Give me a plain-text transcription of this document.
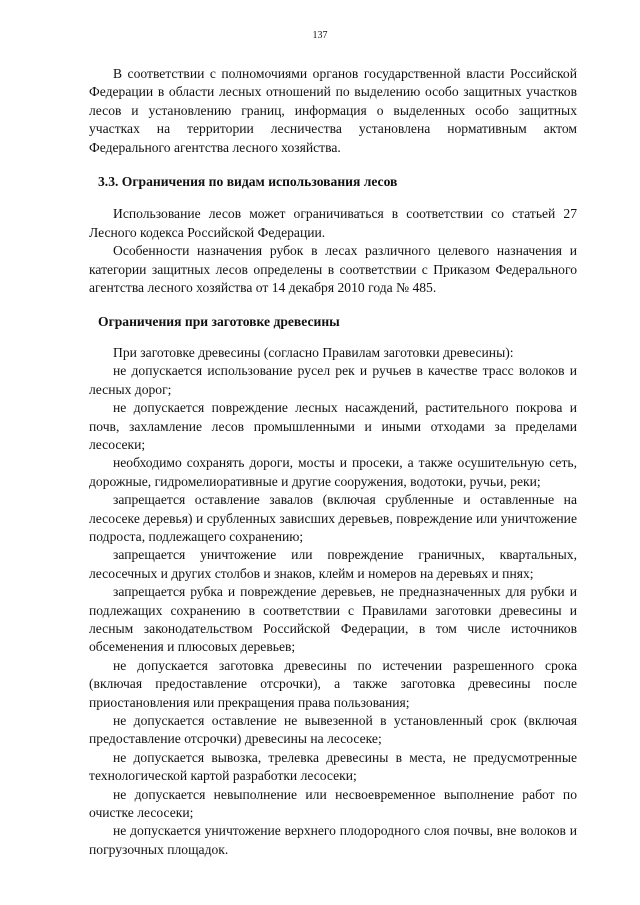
137

В соответствии с полномочиями органов государственной власти Российской Федерации в области лесных отношений по выделению особо защитных участков лесов и установлению границ, информация о выделенных особо защитных участках на территории лесничества установлена нормативным актом Федерального агентства лесного хозяйства.

3.3. Ограничения по видам использования лесов

Использование лесов может ограничиваться в соответствии со статьей 27 Лесного кодекса Российской Федерации.

Особенности назначения рубок в лесах различного целевого назначения и категории защитных лесов определены в соответствии с Приказом Федерального агентства лесного хозяйства от 14 декабря 2010 года № 485.

Ограничения при заготовке древесины

При заготовке древесины (согласно Правилам заготовки древесины):

не допускается использование русел рек и ручьев в качестве трасс волоков и лесных дорог;

не допускается повреждение лесных насаждений, растительного покрова и почв, захламление лесов промышленными и иными отходами за пределами лесосеки;

необходимо сохранять дороги, мосты и просеки, а также осушительную сеть, дорожные, гидромелиоративные и другие сооружения, водотоки, ручьи, реки;

запрещается оставление завалов (включая срубленные и оставленные на лесосеке деревья) и срубленных зависших деревьев, повреждение или уничтожение подроста, подлежащего сохранению;

запрещается уничтожение или повреждение граничных, квартальных, лесосечных и других столбов и знаков, клейм и номеров на деревьях и пнях;

запрещается рубка и повреждение деревьев, не предназначенных для рубки и подлежащих сохранению в соответствии с Правилами заготовки древесины и лесным законодательством Российской Федерации, в том числе источников обсеменения и плюсовых деревьев;

не допускается заготовка древесины по истечении разрешенного срока (включая предоставление отсрочки), а также заготовка древесины после приостановления или прекращения права пользования;

не допускается оставление не вывезенной в установленный срок (включая предоставление отсрочки) древесины на лесосеке;

не допускается вывозка, трелевка древесины в места, не предусмотренные технологической картой разработки лесосеки;

не допускается невыполнение или несвоевременное выполнение работ по очистке лесосеки;

не допускается уничтожение верхнего плодородного слоя почвы, вне волоков и погрузочных площадок.
